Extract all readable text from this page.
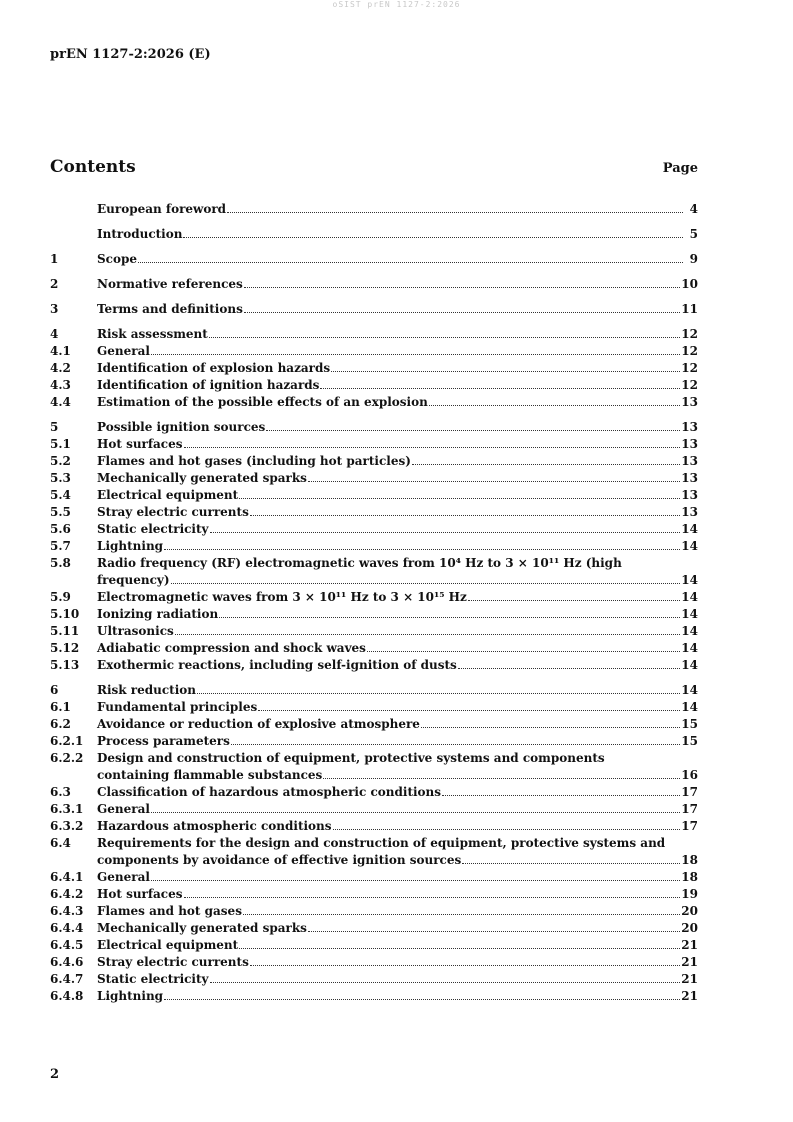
oSIST prEN 1127-2:2026
prEN 1127-2:2026 (E)
Contents	Page
European foreword	4
Introduction	5
1	Scope	9
2	Normative references	10
3	Terms and definitions	11
4	Risk assessment	12
4.1	General	12
4.2	Identification of explosion hazards	12
4.3	Identification of ignition hazards	12
4.4	Estimation of the possible effects of an explosion	13
5	Possible ignition sources	13
5.1	Hot surfaces	13
5.2	Flames and hot gases (including hot particles)	13
5.3	Mechanically generated sparks	13
5.4	Electrical equipment	13
5.5	Stray electric currents	13
5.6	Static electricity	14
5.7	Lightning	14
5.8	Radio frequency (RF) electromagnetic waves from 10⁴ Hz to 3 × 10¹¹ Hz (high
frequency)	14
5.9	Electromagnetic waves from 3 × 10¹¹ Hz to 3 × 10¹⁵ Hz	14
5.10	Ionizing radiation	14
5.11	Ultrasonics	14
5.12	Adiabatic compression and shock waves	14
5.13	Exothermic reactions, including self-ignition of dusts	14
6	Risk reduction	14
6.1	Fundamental principles	14
6.2	Avoidance or reduction of explosive atmosphere	15
6.2.1	Process parameters	15
6.2.2	Design and construction of equipment, protective systems and components
containing flammable substances	16
6.3	Classification of hazardous atmospheric conditions	17
6.3.1	General	17
6.3.2	Hazardous atmospheric conditions	17
6.4	Requirements for the design and construction of equipment, protective systems and
components by avoidance of effective ignition sources	18
6.4.1	General	18
6.4.2	Hot surfaces	19
6.4.3	Flames and hot gases	20
6.4.4	Mechanically generated sparks	20
6.4.5	Electrical equipment	21
6.4.6	Stray electric currents	21
6.4.7	Static electricity	21
6.4.8	Lightning	21
2
